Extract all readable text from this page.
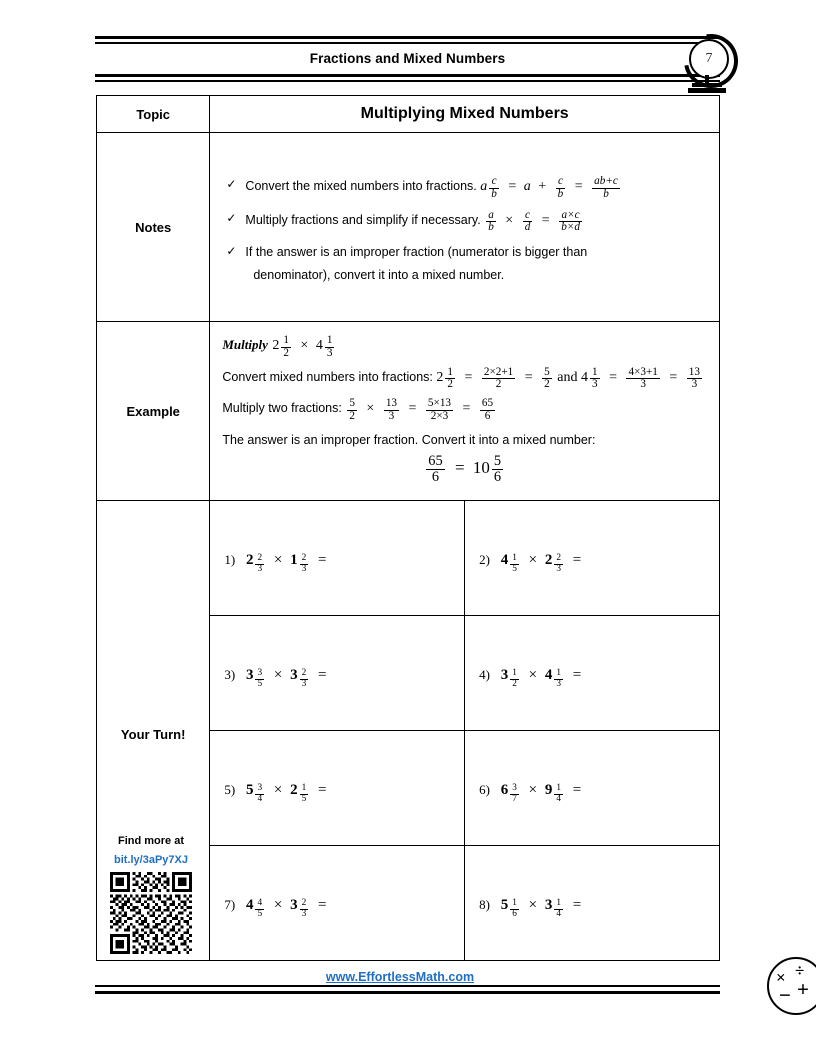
Fractions and Mixed Numbers	7
Topic	Multiplying Mixed Numbers	
Notes	
✓ Convert the mixed numbers into fractions. a $\frac{c}{b} = a + \frac{c}{b} = \frac{ab+c}{b}$
✓ Multiply fractions and simplify if necessary. $\frac{a}{b} \times \frac{c}{d} = \frac{a\times c}{b\times d}$
✓ If the answer is an improper fraction (numerator is bigger than
denominator), convert it into a mixed number.

Example	
Multiply $2 \frac{1}{2} \times 4 \frac{1}{3}$
Convert mixed numbers into fractions: $2 \frac{1}{2} = \frac{2\times 2+1}{2} = \frac{5}{2}$ and $4 \frac{1}{3} = \frac{4\times 3+1}{3} = \frac{13}{3}$
Multiply two fractions: $\frac{5}{2} \times \frac{13}{3} = \frac{5\times 13}{2\times 3} = \frac{65}{6}$
The answer is an improper fraction. Convert it into a mixed number:
$\frac{65}{6} = 10 \frac{5}{6}$

Your Turn!
Find more at
bit.ly/3aPy7XJ

1) $2 \frac{2}{3} \times 1 \frac{2}{3}$ =	2) $4 \frac{1}{5} \times 2 \frac{2}{3}$ =

3) $3 \frac{3}{5} \times 3 \frac{2}{3}$ =	4) $3 \frac{1}{2} \times 4 \frac{1}{3}$ =

5) $5 \frac{3}{4} \times 2 \frac{1}{5}$ =	6) $6 \frac{3}{7} \times 9 \frac{1}{4}$ =

7) $4 \frac{4}{5} \times 3 \frac{2}{3}$ =	8) $5 \frac{1}{6} \times 3 \frac{1}{4}$ =
www.EffortlessMath.com	× ÷
+
−
